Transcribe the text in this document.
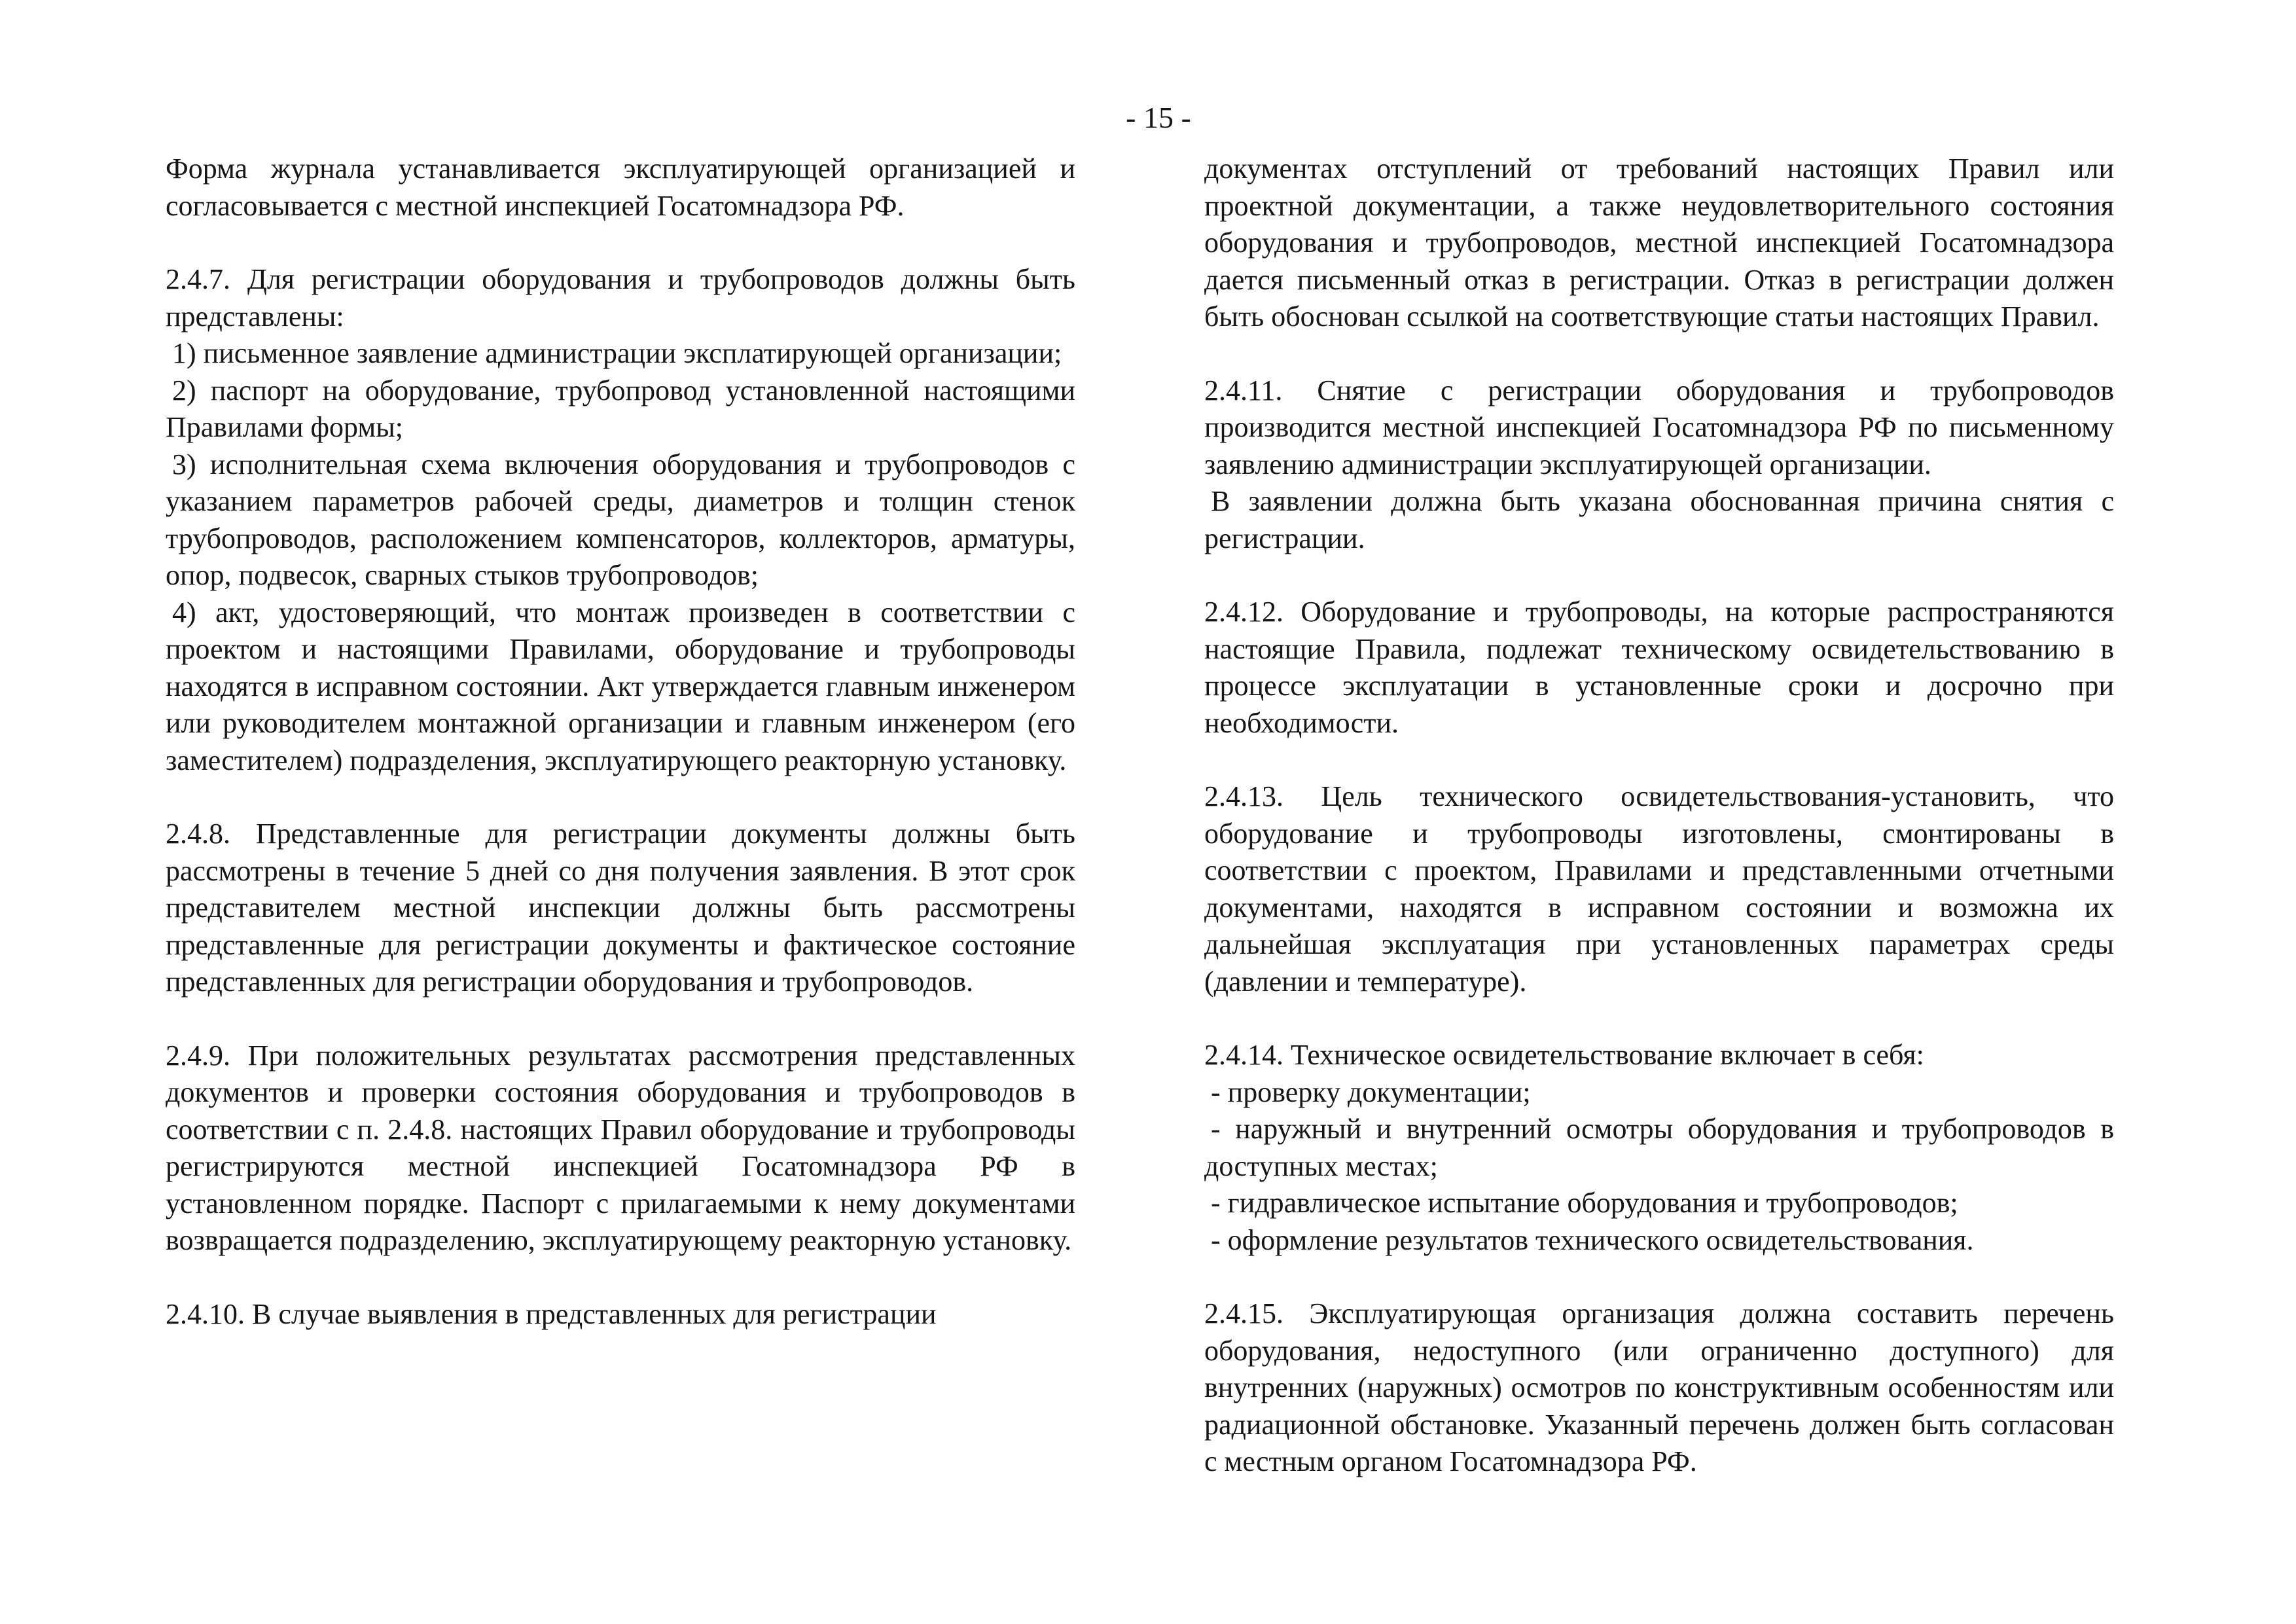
- 15 -

Форма журнала устанавливается эксплуатирующей организацией и согласовывается с местной инспекцией Госатомнадзора РФ.

2.4.7. Для регистрации оборудования и трубопроводов должны быть представлены:

1) письменное заявление администрации эксплатирующей организации;

2) паспорт на оборудование, трубопровод установленной настоящими Правилами формы;

3) исполнительная схема включения оборудования и трубопроводов с указанием параметров рабочей среды, диаметров и толщин стенок трубопроводов, расположением компенсаторов, коллекторов, арматуры, опор, подвесок, сварных стыков трубопроводов;

4) акт, удостоверяющий, что монтаж произведен в соответствии с проектом и настоящими Правилами, оборудование и трубопроводы находятся в исправном состоянии. Акт утверждается главным инженером или руководителем монтажной организации и главным инженером (его заместителем) подразделения, эксплуатирующего реакторную установку.

2.4.8. Представленные для регистрации документы должны быть рассмотрены в течение 5 дней со дня получения заявления. В этот срок представителем местной инспекции должны быть рассмотрены представленные для регистрации документы и фактическое состояние представленных для регистрации оборудования и трубопроводов.

2.4.9. При положительных результатах рассмотрения представленных документов и проверки состояния оборудования и трубопроводов в соответствии с п. 2.4.8. настоящих Правил оборудование и трубопроводы регистрируются местной инспекцией Госатомнадзора РФ в установленном порядке. Паспорт с прилагаемыми к нему документами возвращается подразделению, эксплуатирующему реакторную установку.

2.4.10. В случае выявления в представленных для регистрации

документах отступлений от требований настоящих Правил или проектной документации, а также неудовлетворительного состояния оборудования и трубопроводов, местной инспекцией Госатомнадзора дается письменный отказ в регистрации. Отказ в регистрации должен быть обоснован ссылкой на соответствующие статьи настоящих Правил.

2.4.11. Снятие с регистрации оборудования и трубопроводов производится местной инспекцией Госатомнадзора РФ по письменному заявлению администрации эксплуатирующей организации.

В заявлении должна быть указана обоснованная причина снятия с регистрации.

2.4.12. Оборудование и трубопроводы, на которые распространяются настоящие Правила, подлежат техническому освидетельствованию в процессе эксплуатации в установленные сроки и досрочно при необходимости.

2.4.13. Цель технического освидетельствования-установить, что оборудование и трубопроводы изготовлены, смонтированы в соответствии с проектом, Правилами и представленными отчетными документами, находятся в исправном состоянии и возможна их дальнейшая эксплуатация при установленных параметрах среды (давлении и температуре).

2.4.14. Техническое освидетельствование включает в себя:

- проверку документации;

- наружный и внутренний осмотры оборудования и трубопроводов в доступных местах;

- гидравлическое испытание оборудования и трубопроводов;

- оформление результатов технического освидетельствования.

2.4.15. Эксплуатирующая организация должна составить перечень оборудования, недоступного (или ограниченно доступного) для внутренних (наружных) осмотров по конструктивным особенностям или радиационной обстановке. Указанный перечень должен быть согласован с местным органом Госатомнадзора РФ.
